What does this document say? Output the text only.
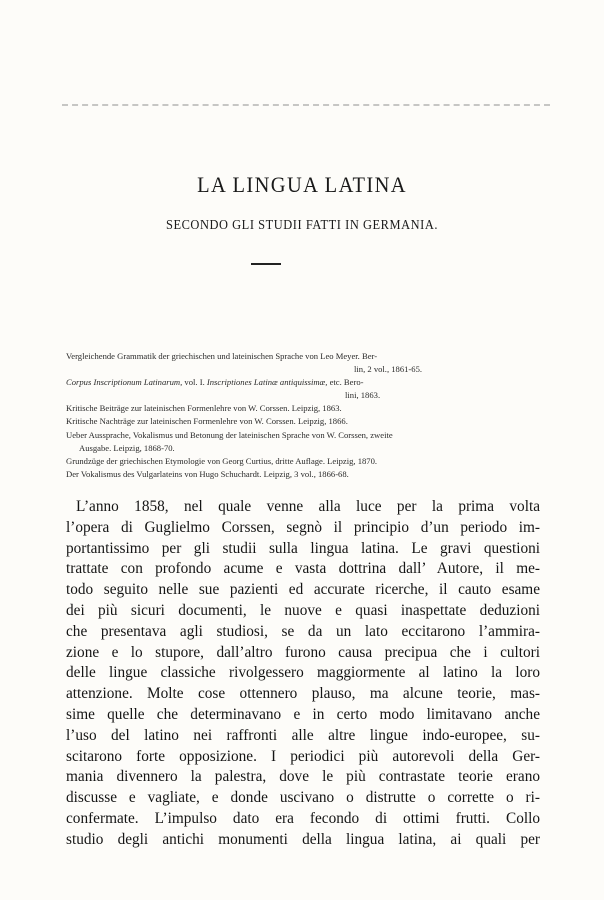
LA LINGUA LATINA
SECONDO GLI STUDII FATTI IN GERMANIA.

Vergleichende Grammatik der griechischen und lateinischen Sprache von Leo Meyer. Ber-
lin, 2 vol., 1861-65.

Corpus Inscriptionum Latinarum, vol. I. Inscriptiones Latinæ antiquissimæ, etc. Bero-
lini, 1863.

Kritische Beiträge zur lateinischen Formenlehre von W. Corssen. Leipzig, 1863.

Kritische Nachträge zur lateinischen Formenlehre von W. Corssen. Leipzig, 1866.

Ueber Aussprache, Vokalismus und Betonung der lateinischen Sprache von W. Corssen, zweite
Ausgabe. Leipzig, 1868-70.

Grundzüge der griechischen Etymologie von Georg Curtius, dritte Auflage. Leipzig, 1870.

Der Vokalismus des Vulgarlateins von Hugo Schuchardt. Leipzig, 3 vol., 1866-68.

L’anno 1858, nel quale venne alla luce per la prima volta
l’opera di Guglielmo Corssen, segnò il principio d’un periodo im-
portantissimo per gli studii sulla lingua latina. Le gravi questioni
trattate con profondo acume e vasta dottrina dall’ Autore, il me-
todo seguito nelle sue pazienti ed accurate ricerche, il cauto esame
dei più sicuri documenti, le nuove e quasi inaspettate deduzioni
che presentava agli studiosi, se da un lato eccitarono l’ammira-
zione e lo stupore, dall’altro furono causa precipua che i cultori
delle lingue classiche rivolgessero maggiormente al latino la loro
attenzione. Molte cose ottennero plauso, ma alcune teorie, mas-
sime quelle che determinavano e in certo modo limitavano anche
l’uso del latino nei raffronti alle altre lingue indo-europee, su-
scitarono forte opposizione. I periodici più autorevoli della Ger-
mania divennero la palestra, dove le più contrastate teorie erano
discusse e vagliate, e donde uscivano o distrutte o corrette o ri-
confermate. L’impulso dato era fecondo di ottimi frutti. Collo
studio degli antichi monumenti della lingua latina, ai quali per
